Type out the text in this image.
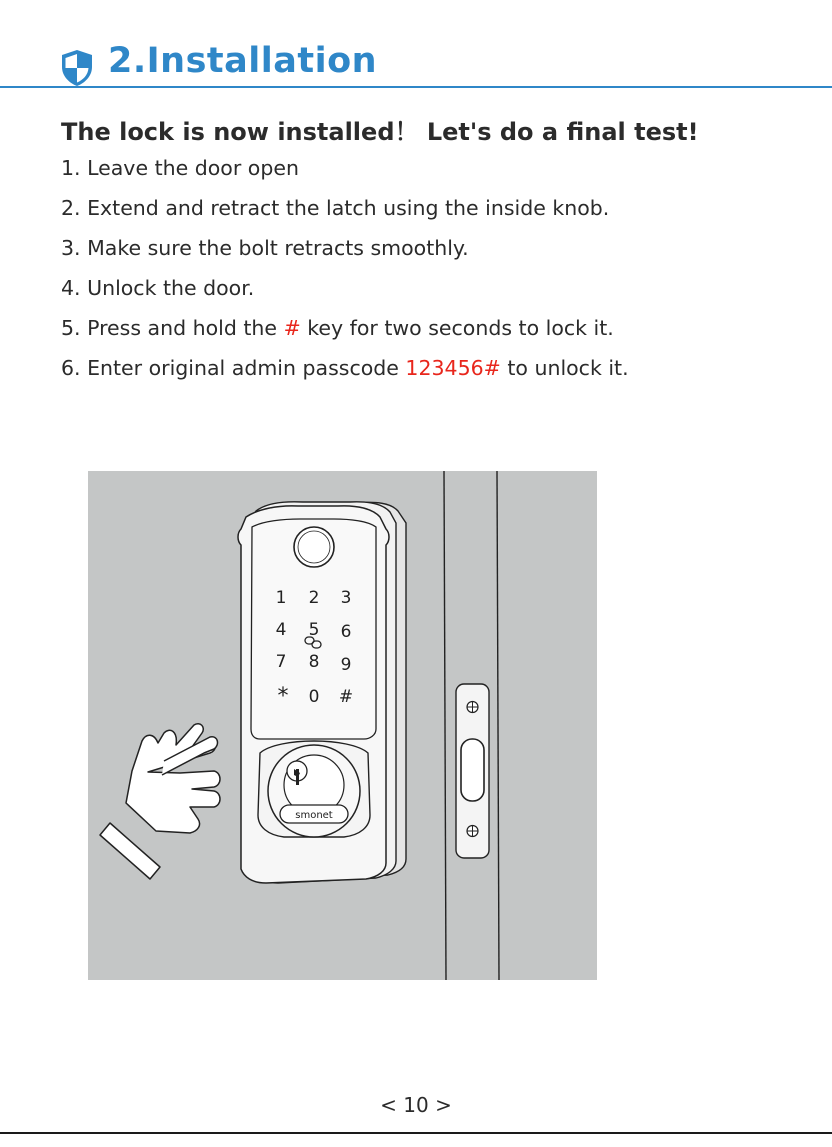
2.Installation
The lock is now installed！ Let's do a final test!
1. Leave the door open
2. Extend and retract the latch using the inside knob.
3. Make sure the bolt retracts smoothly.
4. Unlock the door.
5. Press and hold the # key for two seconds to lock it.
6. Enter original admin passcode 123456# to unlock it.
1 2 3
4 5 6
7 8 9
* 0 #
smonet
< 10 >
